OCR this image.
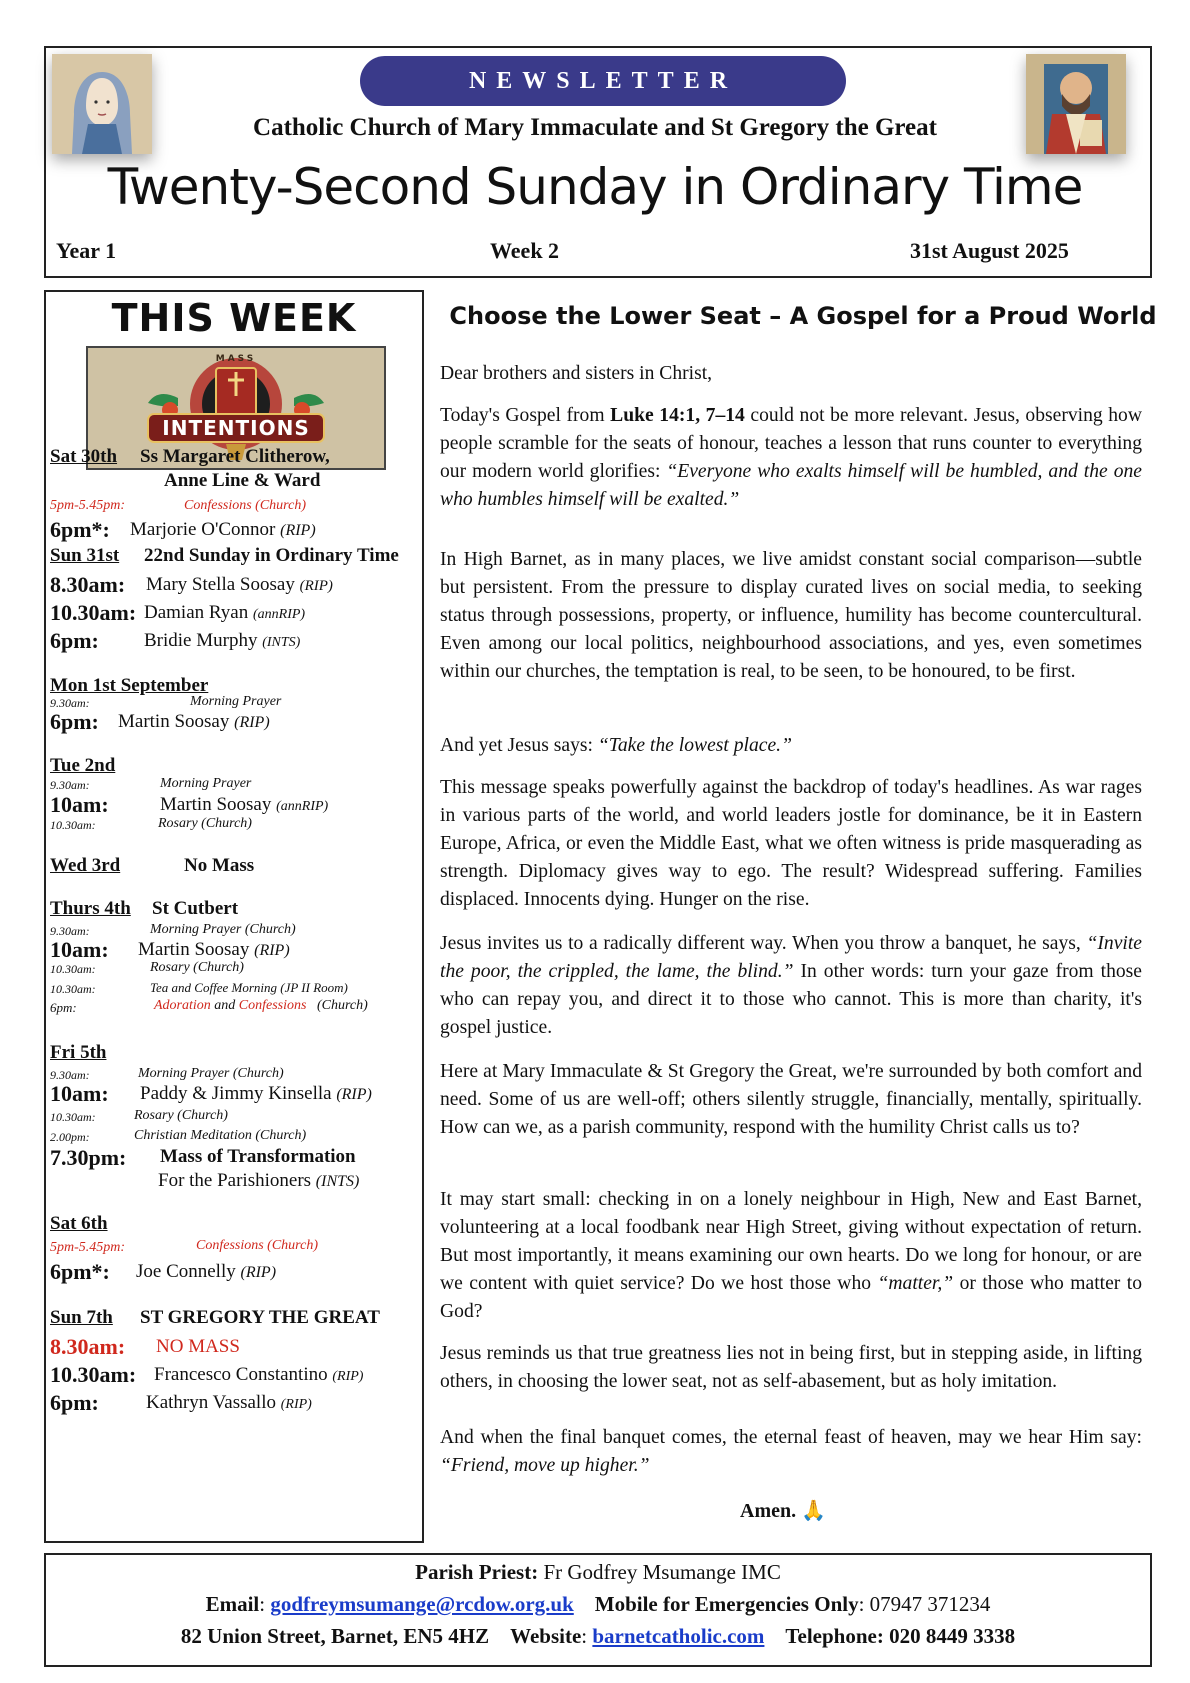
NEWSLETTER
Catholic Church of Mary Immaculate and St Gregory the Great
Twenty-Second Sunday in Ordinary Time
Year 1	Week 2	31st August 2025
THIS WEEK
MASS
INTENTIONS
Sat 30th Ss Margaret Clitherow,
Anne Line & Ward
5pm-5.45pm:	Confessions (Church)
6pm*: Marjorie O'Connor (RIP)
Sun 31st 22nd Sunday in Ordinary Time
8.30am: Mary Stella Soosay (RIP)
10.30am: Damian Ryan (annRIP)
6pm: Bridie Murphy (INTS)
Mon 1st September
9.30am:	Morning Prayer
6pm: Martin Soosay (RIP)
Tue 2nd
9.30am:	Morning Prayer
10am:	Martin Soosay (annRIP)
10.30am:	Rosary (Church)
Wed 3rd	No Mass
Thurs 4th St Cutbert
9.30am:	Morning Prayer (Church)
10am: Martin Soosay (RIP)
10.30am:	Rosary (Church)
10.30am:	Tea and Coffee Morning (JP II Room)
6pm:	Adoration and Confessions (Church)
Fri 5th
9.30am:	Morning Prayer (Church)
10am: Paddy & Jimmy Kinsella (RIP)
10.30am:	Rosary (Church)
2.00pm:	Christian Meditation (Church)
7.30pm: Mass of Transformation
For the Parishioners (INTS)
Sat 6th
5pm-5.45pm:	Confessions (Church)
6pm*: Joe Connelly (RIP)
Sun 7th ST GREGORY THE GREAT
8.30am: NO MASS
10.30am: Francesco Constantino (RIP)
6pm: Kathryn Vassallo (RIP)
Choose the Lower Seat – A Gospel for a Proud World
Dear brothers and sisters in Christ,
Today's Gospel from Luke 14:1, 7–14 could not be more relevant. Jesus, observing how people scramble for the seats of honour, teaches a lesson that runs counter to everything our modern world glorifies: “Everyone who exalts himself will be humbled, and the one who humbles himself will be exalted.”
In High Barnet, as in many places, we live amidst constant social comparison—subtle but persistent. From the pressure to display curated lives on social media, to seeking status through possessions, property, or influence, humility has become countercultural. Even among our local politics, neighbourhood associations, and yes, even sometimes within our churches, the temptation is real, to be seen, to be honoured, to be first.
And yet Jesus says: “Take the lowest place.”
This message speaks powerfully against the backdrop of today's headlines. As war rages in various parts of the world, and world leaders jostle for dominance, be it in Eastern Europe, Africa, or even the Middle East, what we often witness is pride masquerading as strength. Diplomacy gives way to ego. The result? Widespread suffering. Families displaced. Innocents dying. Hunger on the rise.
Jesus invites us to a radically different way. When you throw a banquet, he says, “Invite the poor, the crippled, the lame, the blind.” In other words: turn your gaze from those who can repay you, and direct it to those who cannot. This is more than charity, it's gospel justice.
Here at Mary Immaculate & St Gregory the Great, we're surrounded by both comfort and need. Some of us are well-off; others silently struggle, financially, mentally, spiritually. How can we, as a parish community, respond with the humility Christ calls us to?
It may start small: checking in on a lonely neighbour in High, New and East Barnet, volunteering at a local foodbank near High Street, giving without expectation of return. But most importantly, it means examining our own hearts. Do we long for honour, or are we content with quiet service? Do we host those who “matter,” or those who matter to God?
Jesus reminds us that true greatness lies not in being first, but in stepping aside, in lifting others, in choosing the lower seat, not as self-abasement, but as holy imitation.
And when the final banquet comes, the eternal feast of heaven, may we hear Him say: “Friend, move up higher.”
Amen. 🙏
Parish Priest: Fr Godfrey Msumange IMC
Email: godfreymsumange@rcdow.org.uk Mobile for Emergencies Only: 07947 371234
82 Union Street, Barnet, EN5 4HZ Website: barnetcatholic.com Telephone: 020 8449 3338
